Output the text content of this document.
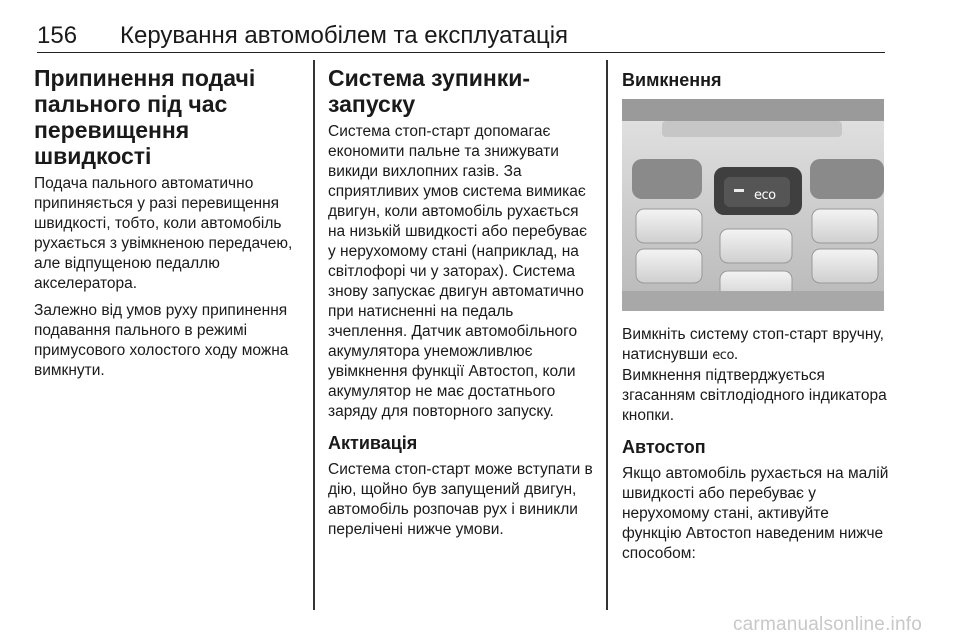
156 Керування автомобілем та експлуатація
Припинення подачі пального під час перевищення швидкості

Подача пального автоматично припиняється у разі перевищення швидкості, тобто, коли автомобіль рухається з увімкненою передачею, але відпущеною педаллю акселератора.

Залежно від умов руху припинення подавання пального в режимі примусового холостого ходу можна вимкнути.

Система зупинки-запуску

Система стоп-старт допомагає економити пальне та знижувати викиди вихлопних газів. За сприятливих умов система вимикає двигун, коли автомобіль рухається на низькій швидкості або перебуває у нерухомому стані (наприклад, на світлофорі чи у заторах). Система знову запускає двигун автоматично при натисненні на педаль зчеплення. Датчик автомобільного акумулятора унеможливлює увімкнення функції Автостоп, коли акумулятор не має достатнього заряду для повторного запуску.

Активація

Система стоп-старт може вступати в дію, щойно був запущений двигун, автомобіль розпочав рух і виникли перелічені нижче умови.

Вимкнення
eco

Вимкніть систему стоп-старт вручну, натиснувши eco.
Вимкнення підтверджується згасанням світлодіодного індикатора кнопки.

Автостоп

Якщо автомобіль рухається на малій швидкості або перебуває у нерухомому стані, активуйте функцію Автостоп наведеним нижче способом:

carmanualsonline.info
